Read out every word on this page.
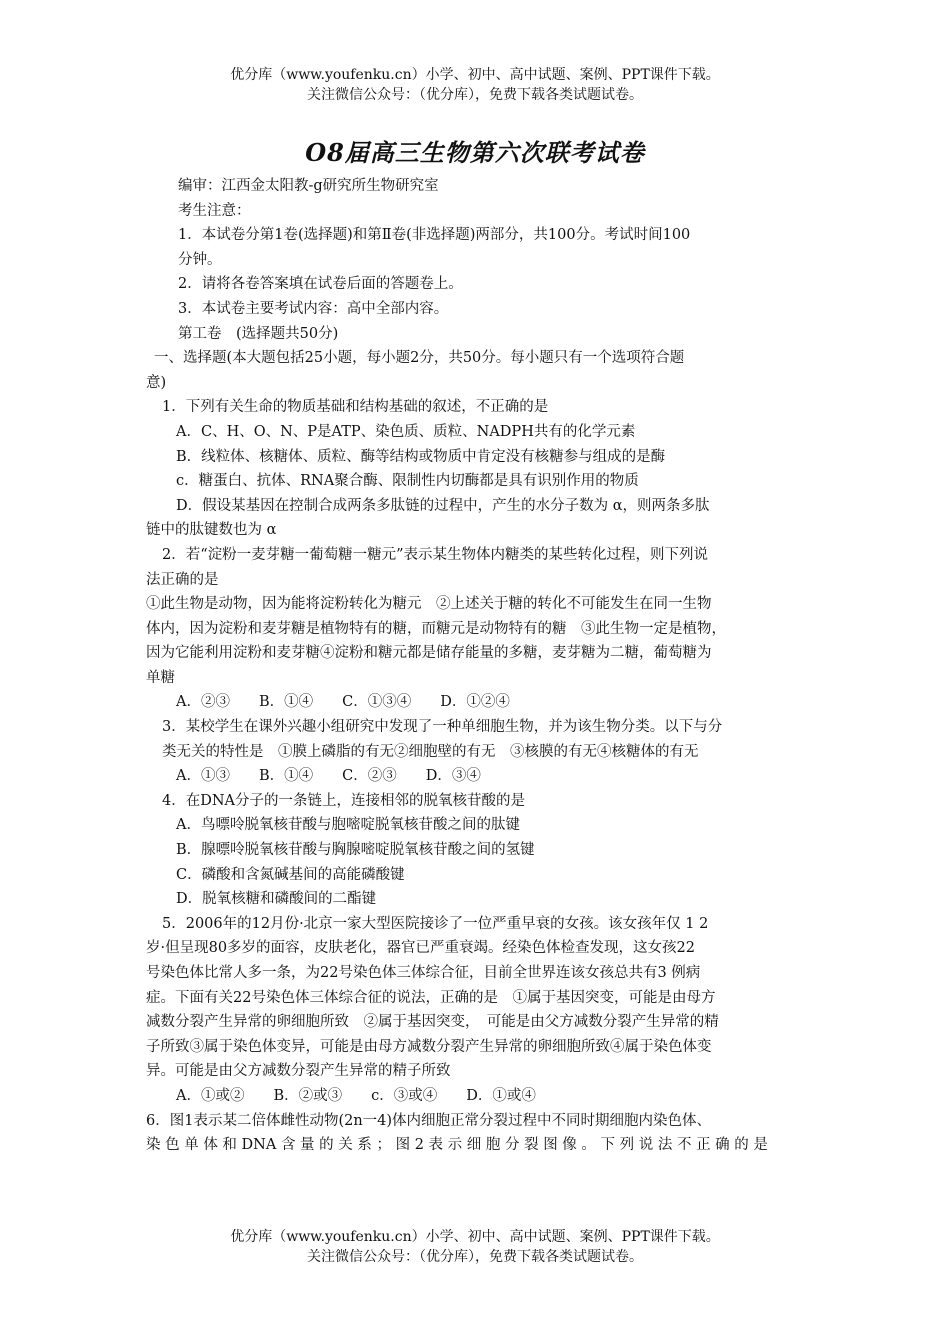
优分库（www.youfenku.cn）小学、初中、高中试题、案例、PPT课件下载。
关注微信公众号：（优分库），免费下载各类试题试卷。
O8届高三生物第六次联考试卷
编审：江西金太阳教-g研究所生物研究室
考生注意：
1．本试卷分第1卷(选择题)和第Ⅱ卷(非选择题)两部分，共100分。考试时间100
分钟。
2．请将各卷答案填在试卷后面的答题卷上。
3．本试卷主要考试内容：高中全部内容。
第工卷　(选择题共50分)
一、选择题(本大题包括25小题，每小题2分，共50分。每小题只有一个选项符合题
意)
1．下列有关生命的物质基础和结构基础的叙述，不正确的是
A．C、H、O、N、P是ATP、染色质、质粒、NADPH共有的化学元素
B．线粒体、核糖体、质粒、酶等结构或物质中肯定没有核糖参与组成的是酶
c．糖蛋白、抗体、RNA聚合酶、限制性内切酶都是具有识别作用的物质
D．假设某基因在控制合成两条多肽链的过程中，产生的水分子数为 α，则两条多肽
链中的肽键数也为 α
2．若“淀粉一麦芽糖一葡萄糖一糖元”表示某生物体内糖类的某些转化过程，则下列说
法正确的是
①此生物是动物，因为能将淀粉转化为糖元　②上述关于糖的转化不可能发生在同一生物
体内，因为淀粉和麦芽糖是植物特有的糖，而糖元是动物特有的糖　③此生物一定是植物，
因为它能利用淀粉和麦芽糖④淀粉和糖元都是储存能量的多糖，麦芽糖为二糖，葡萄糖为
单糖
A．②③　　B．①④　　C．①③④　　D．①②④
3．某校学生在课外兴趣小组研究中发现了一种单细胞生物，并为该生物分类。以下与分
类无关的特性是　①膜上磷脂的有无②细胞壁的有无　③核膜的有无④核糖体的有无
A．①③　　B．①④　　C．②③　　D．③④
4．在DNA分子的一条链上，连接相邻的脱氧核苷酸的是
A．鸟嘌呤脱氧核苷酸与胞嘧啶脱氧核苷酸之间的肽键
B．腺嘌呤脱氧核苷酸与胸腺嘧啶脱氧核苷酸之间的氢键
C．磷酸和含氮碱基间的高能磷酸键
D．脱氧核糖和磷酸间的二酯键
5．2006年的12月份·北京一家大型医院接诊了一位严重早衰的女孩。该女孩年仅 1 2
岁·但呈现80多岁的面容，皮肤老化，器官已严重衰竭。经染色体检查发现，这女孩22
号染色体比常人多一条，为22号染色体三体综合征，目前全世界连该女孩总共有3 例病
症。下面有关22号染色体三体综合征的说法，正确的是　①属于基因突变，可能是由母方
减数分裂产生异常的卵细胞所致　②属于基因突变，　可能是由父方减数分裂产生异常的精
子所致③属于染色体变异，可能是由母方减数分裂产生异常的卵细胞所致④属于染色体变
异。可能是由父方减数分裂产生异常的精子所致
A．①或②　　B．②或③　　c．③或④　　D．①或④
6．图1表示某二倍体雌性动物(2n一4)体内细胞正常分裂过程中不同时期细胞内染色体、
染 色 单 体 和 DNA 含 量 的 关 系 ； 图 2 表 示 细 胞 分 裂 图 像 。 下 列 说 法 不 正 确 的 是
优分库（www.youfenku.cn）小学、初中、高中试题、案例、PPT课件下载。
关注微信公众号：（优分库），免费下载各类试题试卷。
